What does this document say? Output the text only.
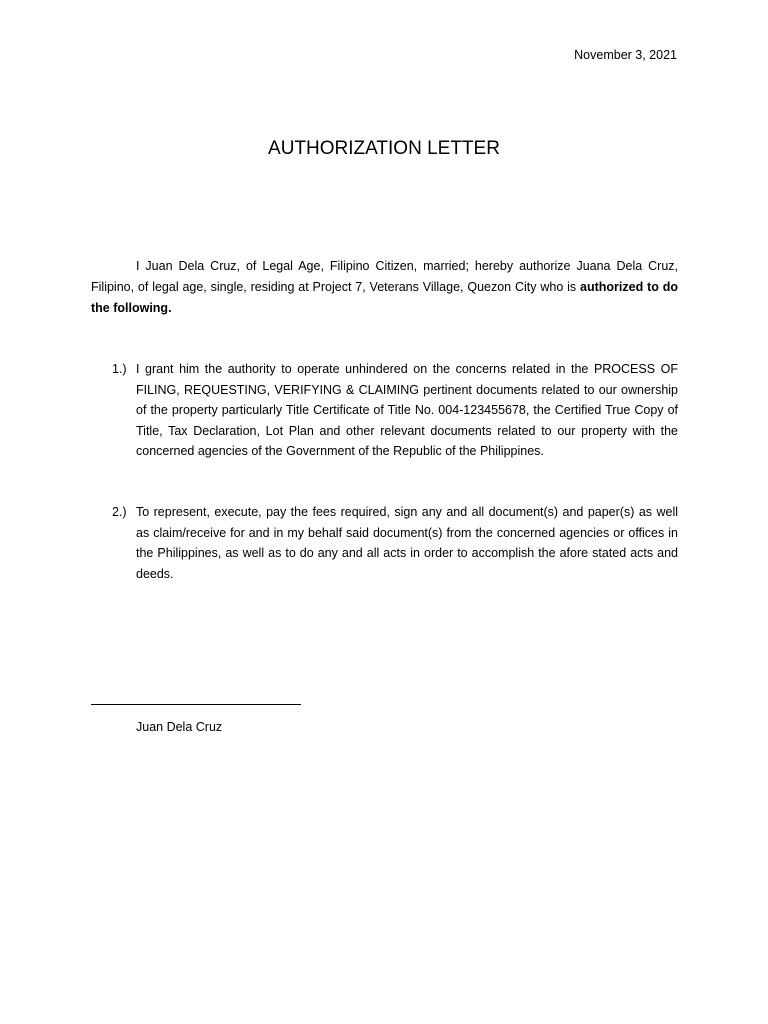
November 3, 2021
AUTHORIZATION LETTER

I Juan Dela Cruz, of Legal Age, Filipino Citizen, married; hereby authorize Juana Dela Cruz, Filipino, of legal age, single, residing at Project 7, Veterans Village, Quezon City who is authorized to do the following.

1.) I grant him the authority to operate unhindered on the concerns related in the PROCESS OF FILING, REQUESTING, VERIFYING & CLAIMING pertinent documents related to our ownership of the property particularly Title Certificate of Title No. 004-123455678, the Certified True Copy of Title, Tax Declaration, Lot Plan and other relevant documents related to our property with the concerned agencies of the Government of the Republic of the Philippines.
2.) To represent, execute, pay the fees required, sign any and all document(s) and paper(s) as well as claim/receive for and in my behalf said document(s) from the concerned agencies or offices in the Philippines, as well as to do any and all acts in order to accomplish the afore stated acts and deeds.
Juan Dela Cruz
